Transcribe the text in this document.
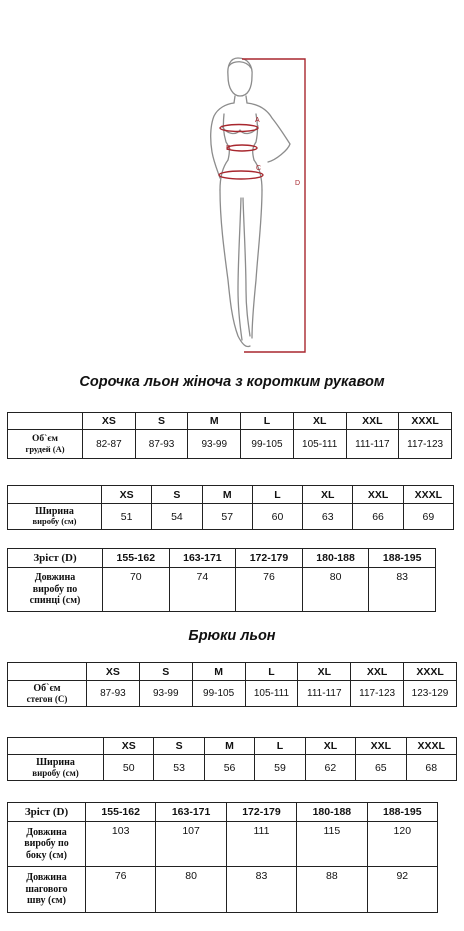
A
B
C
D
Сорочка льон жіноча з коротким рукавом
	XS	S	M	L	XL	XXL	XXXL

Об`єм
грудей (A)	82-87	87-93	93-99	99-105	105-111	111-117	117-123
	XS	S	M	L	XL	XXL	XXXL

Ширина
виробу (см)	51	54	57	60	63	66	69
Зріст (D)	155-162	163-171	172-179	180-188	188-195

Довжина
виробу по
спинці (см)	70	74	76	80	83
Брюки льон
	XS	S	M	L	XL	XXL	XXXL

Об`єм
стегон (C)	87-93	93-99	99-105	105-111	111-117	117-123	123-129
	XS	S	M	L	XL	XXL	XXXL

Ширина
виробу (см)	50	53	56	59	62	65	68
Зріст (D)	155-162	163-171	172-179	180-188	188-195

Довжина
виробу по
боку (см)	103	107	111	115	120

Довжина
шагового
шву (см)	76	80	83	88	92
